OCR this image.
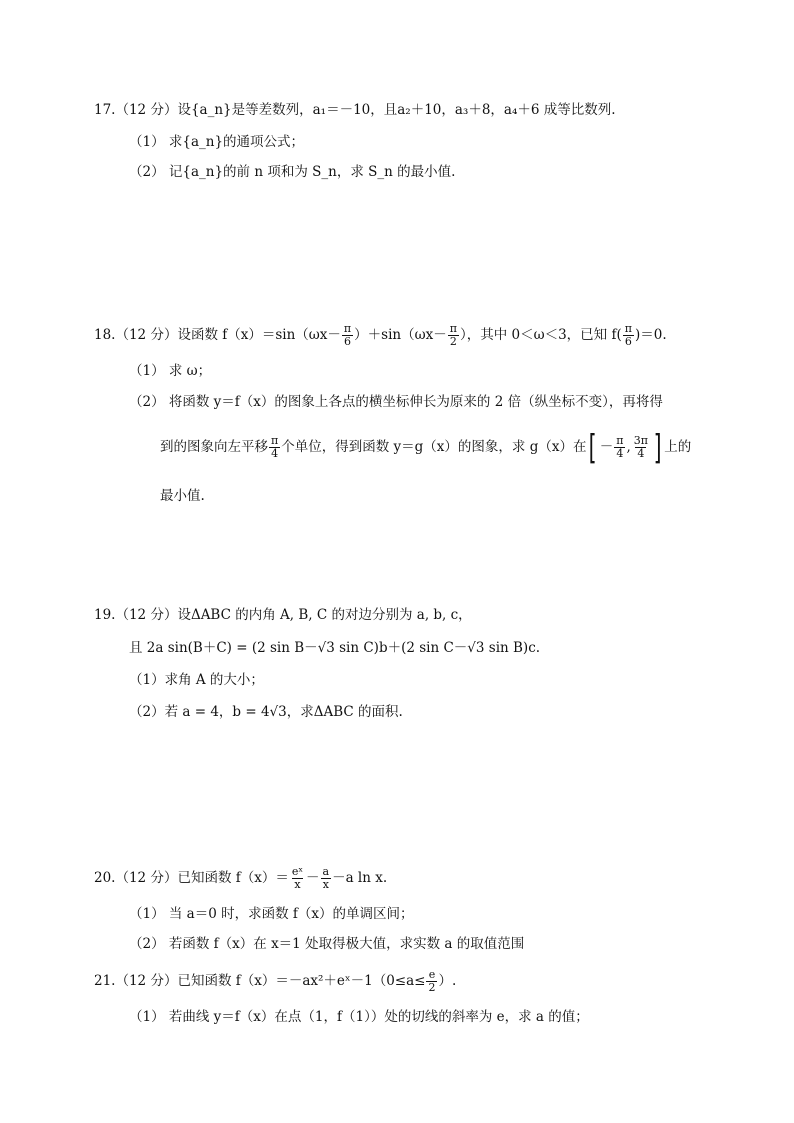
17.（12 分）设{a_n}是等差数列，a₁＝－10，且a₂＋10，a₃＋8，a₄＋6 成等比数列.
（1） 求{a_n}的通项公式；
（2） 记{a_n}的前 n 项和为 S_n，求 S_n 的最小值.
18.（12 分）设函数 $f(x)=\sin(\omega x- \frac{\pi}{6} )+\sin(\omega x- \frac{\pi}{2}$ ），其中 0＜ω＜3，已知 $f( \frac{\pi}{6} )=0$.
（1） 求 ω；
（2） 将函数 y＝f（x）的图象上各点的横坐标伸长为原来的 2 倍（纵坐标不变），再将得
到的图象向左平移 $\frac{\pi}{4}$ 个单位，得到函数 y＝g（x）的图象，求 g（x）在[ － $\frac{\pi}{4}$ , $\frac{3\pi}{4}$ ] 上的
最小值.
19.（12 分）设ΔABC 的内角 A, B, C 的对边分别为 a, b, c，
且 2a sin(B＋C) = (2 sin B－√3 sin C)b＋(2 sin C－√3 sin B)c.
（1）求角 A 的大小；
（2）若 a = 4，b = 4√3，求ΔABC 的面积.
20.（12 分）已知函数 $f(x)= \frac{\text{eˣ}}{x} - \frac{a}{x} -a$ ln x.
（1） 当 a＝0 时，求函数 f（x）的单调区间；
（2） 若函数 f（x）在 x＝1 处取得极大值，求实数 a 的取值范围
21.（12 分）已知函数 f（x）＝－ax²＋eˣ－1（0≤a≤ $\frac{e}{2}$ ）.
（1） 若曲线 y＝f（x）在点（1，f（1））处的切线的斜率为 e，求 a 的值；
